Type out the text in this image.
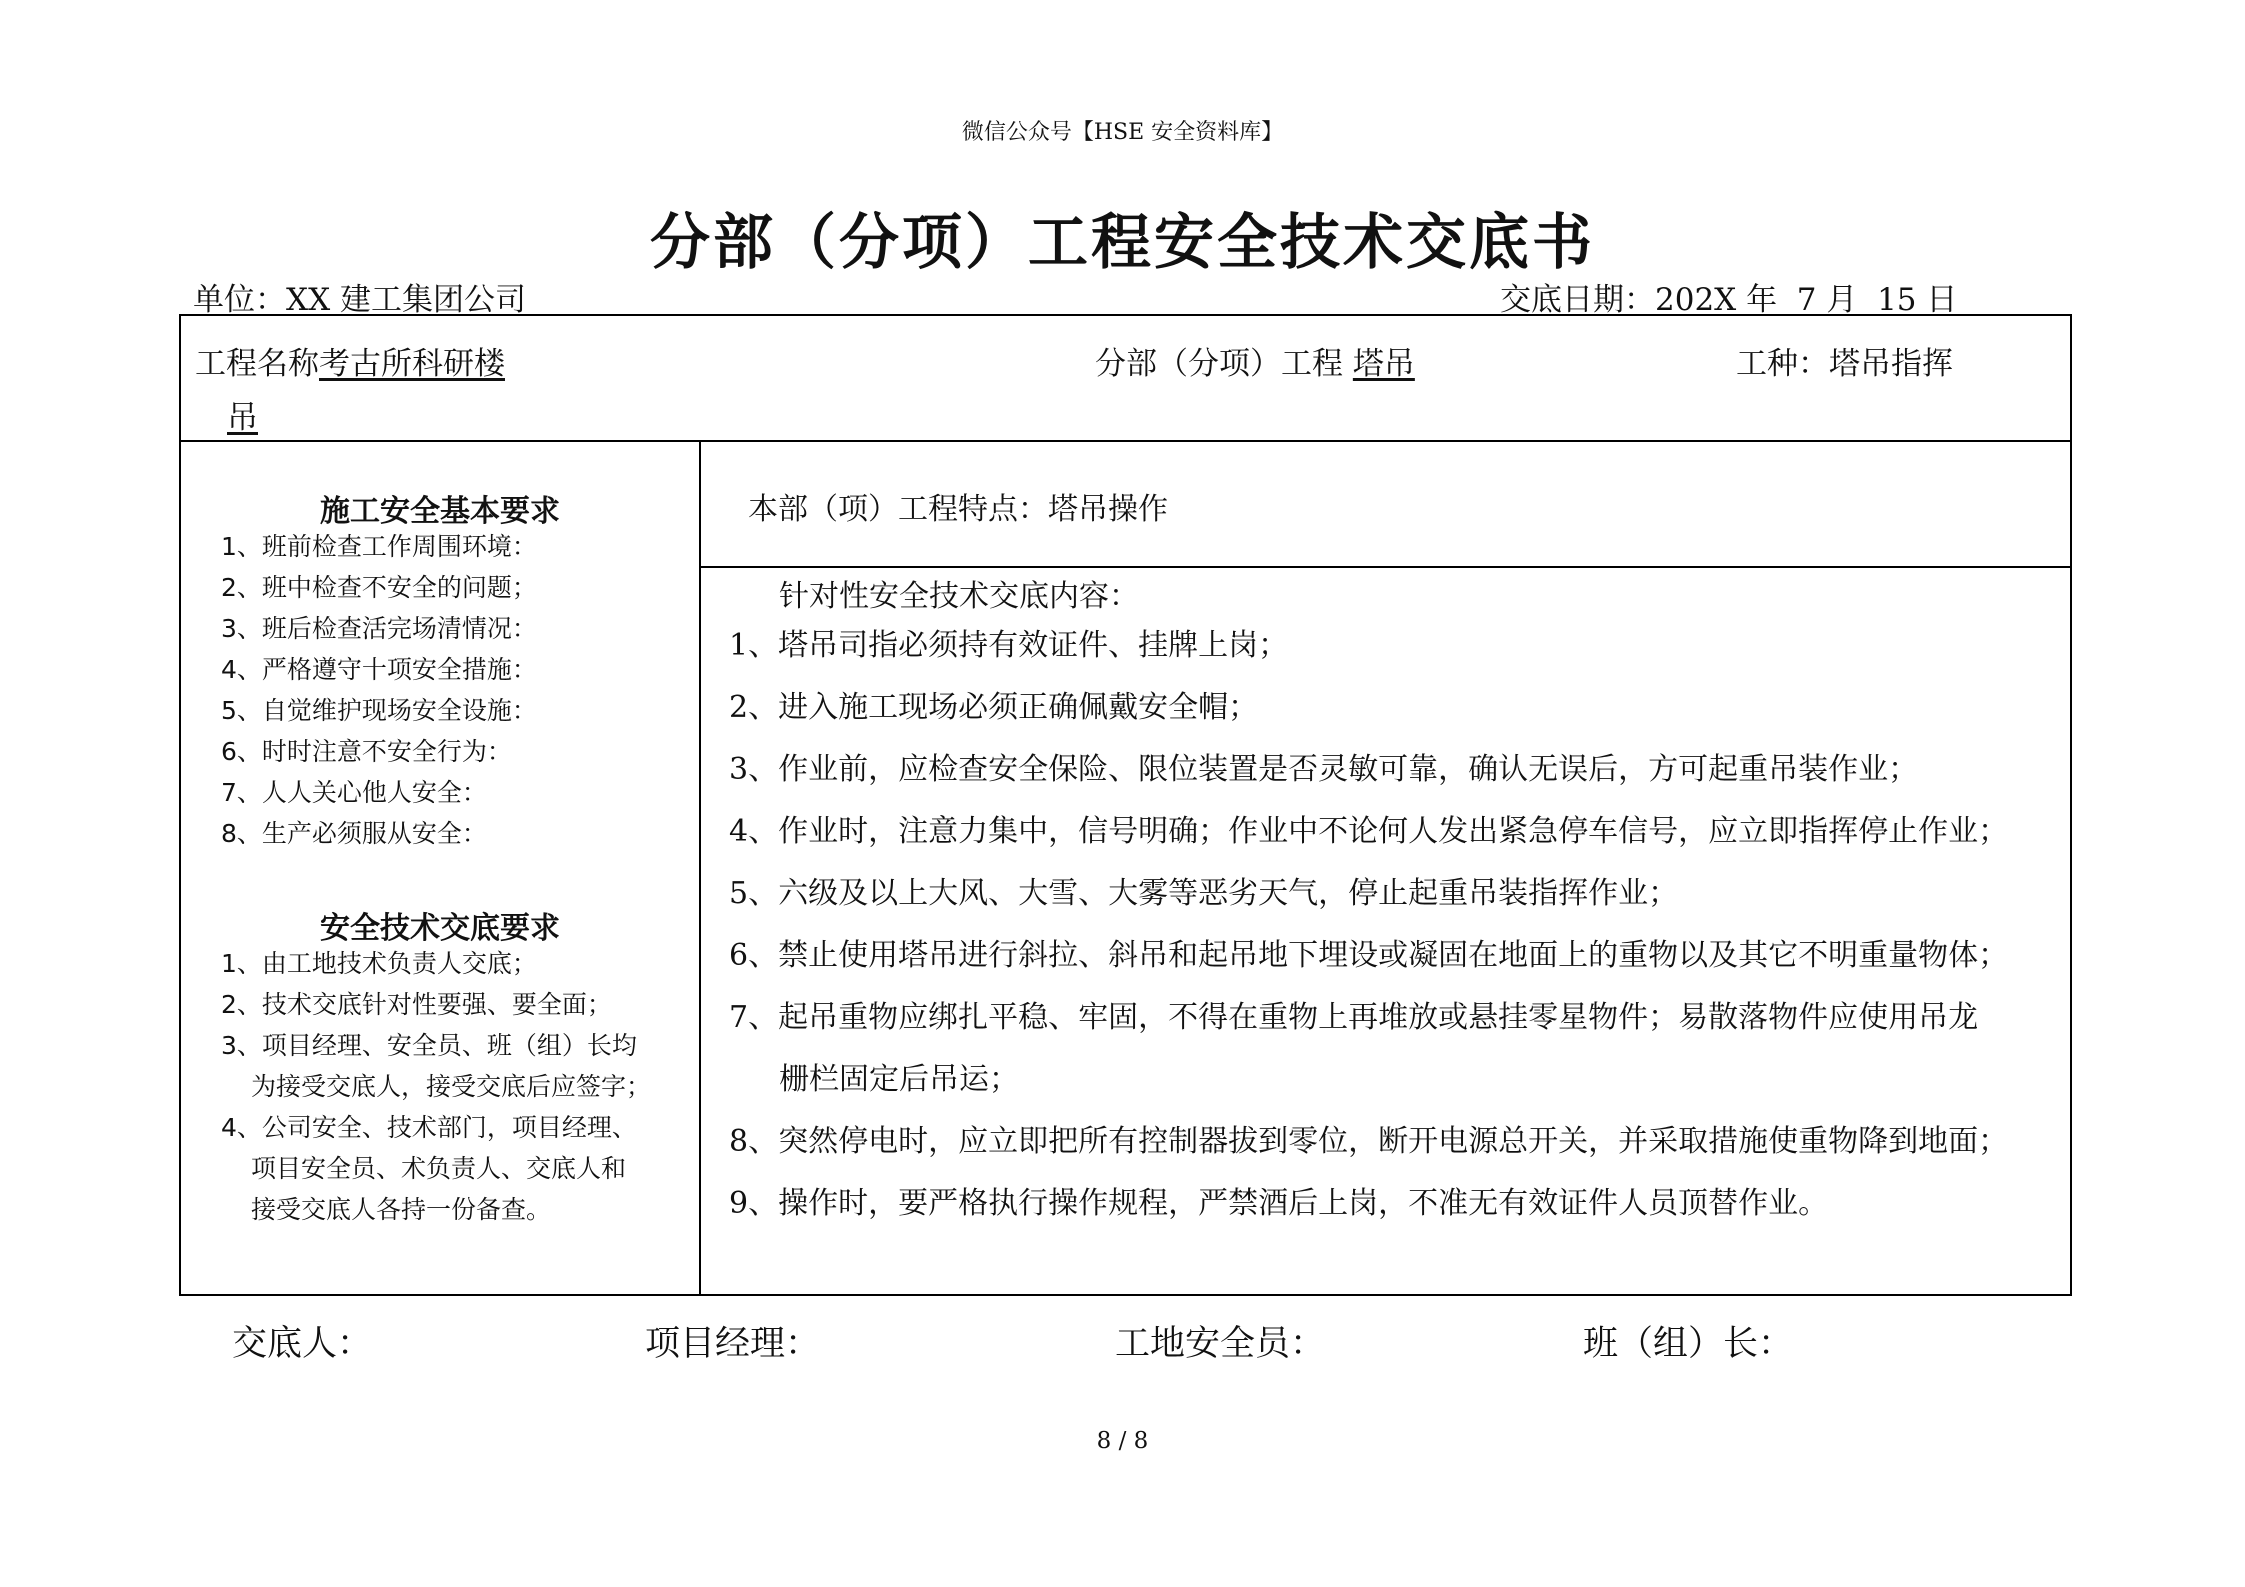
微信公众号【HSE 安全资料库】
分部（分项）工程安全技术交底书
单位：XX 建工集团公司	交底日期：202X 年  7 月  15 日
工程名称考古所科研楼
吊
分部（分项）工程 塔吊	工种：塔吊指挥
施工安全基本要求
1、班前检查工作周围环境：
2、班中检查不安全的问题；
3、班后检查活完场清情况：
4、严格遵守十项安全措施：
5、自觉维护现场安全设施：
6、时时注意不安全行为：
7、人人关心他人安全：
8、生产必须服从安全：
安全技术交底要求
1、由工地技术负责人交底；
2、技术交底针对性要强、要全面；
3、项目经理、安全员、班（组）长均
为接受交底人，接受交底后应签字；
4、公司安全、技术部门，项目经理、
项目安全员、术负责人、交底人和
接受交底人各持一份备查。
本部（项）工程特点：塔吊操作
针对性安全技术交底内容：
1、塔吊司指必须持有效证件、挂牌上岗；
2、进入施工现场必须正确佩戴安全帽；
3、作业前，应检查安全保险、限位装置是否灵敏可靠，确认无误后，方可起重吊装作业；
4、作业时，注意力集中，信号明确；作业中不论何人发出紧急停车信号，应立即指挥停止作业；
5、六级及以上大风、大雪、大雾等恶劣天气，停止起重吊装指挥作业；
6、禁止使用塔吊进行斜拉、斜吊和起吊地下埋设或凝固在地面上的重物以及其它不明重量物体；
7、起吊重物应绑扎平稳、牢固，不得在重物上再堆放或悬挂零星物件；易散落物件应使用吊龙
栅栏固定后吊运；
8、突然停电时，应立即把所有控制器拔到零位，断开电源总开关，并采取措施使重物降到地面；
9、操作时，要严格执行操作规程，严禁酒后上岗，不准无有效证件人员顶替作业。
交底人：	项目经理：	工地安全员：	班（组）长：
8 / 8
